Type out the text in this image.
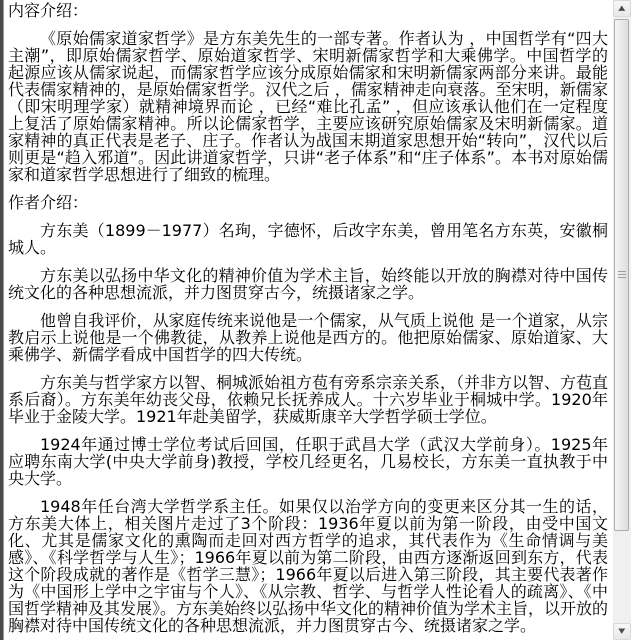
内容介绍：

《原始儒家道家哲学》是方东美先生的一部专著。作者认为 ，中国哲学有“四大主潮”，即原始儒家哲学、原始道家哲学、宋明新儒家哲学和大乘佛学。中国哲学的起源应该从儒家说起，而儒家哲学应该分成原始儒家和宋明新儒家两部分来讲。最能代表儒家精神的，是原始儒家哲学。汉代之后 ，儒家精神走向衰落。至宋明，新儒家（即宋明理学家）就精神境界而论 ，已经“难比孔孟” ，但应该承认他们在一定程度上复活了原始儒家精神。所以论儒家哲学，主要应该研究原始儒家及宋明新儒家。道家精神的真正代表是老子、庄子。作者认为战国末期道家思想开始“转向”，汉代以后则更是“趋入邪道”。因此讲道家哲学，只讲“老子体系”和“庄子体系”。本书对原始儒家和道家哲学思想进行了细致的梳理。

作者介绍：

方东美（1899－1977）名珣，字德怀，后改字东美，曾用笔名方东英，安徽桐城人。

方东美以弘扬中华文化的精神价值为学术主旨，始终能以开放的胸襟对待中国传统文化的各种思想流派，并力图贯穿古今，统摄诸家之学。

他曾自我评价，从家庭传统来说他是一个儒家，从气质上说他 是一个道家，从宗教启示上说他是一个佛教徒，从教养上说他是西方的。他把原始儒家、原始道家、大乘佛学、新儒学看成中国哲学的四大传统。

方东美与哲学家方以智、桐城派始祖方苞有旁系宗亲关系，（并非方以智、方苞直系后裔）。方东美年幼丧父母，依赖兄长抚养成人。十六岁毕业于桐城中学。1920年毕业于金陵大学。1921年赴美留学，获威斯康辛大学哲学硕士学位。

1924年通过博士学位考试后回国，任职于武昌大学（武汉大学前身）。1925年应聘东南大学(中央大学前身)教授，学校几经更名，几易校长，方东美一直执教于中央大学。

1948年任台湾大学哲学系主任。如果仅以治学方向的变更来区分其一生的话，方东美大体上，相关图片走过了3个阶段：1936年夏以前为第一阶段，由受中国文化、尤其是儒家文化的熏陶而走回对西方哲学的追求，其代表作为《生命情调与美感》、《科学哲学与人生》；1966年夏以前为第二阶段，由西方逐渐返回到东方，代表这个阶段成就的著作是《哲学三慧》；1966年夏以后进入第三阶段，其主要代表著作为《中国形上学中之宇宙与个人》、《从宗教、哲学、与哲学人性论看人的疏离》、《中国哲学精神及其发展》。方东美始终以弘扬中华文化的精神价值为学术主旨，以开放的胸襟对待中国传统文化的各种思想流派，并力图贯穿古今、统摄诸家之学。

▲
▼
